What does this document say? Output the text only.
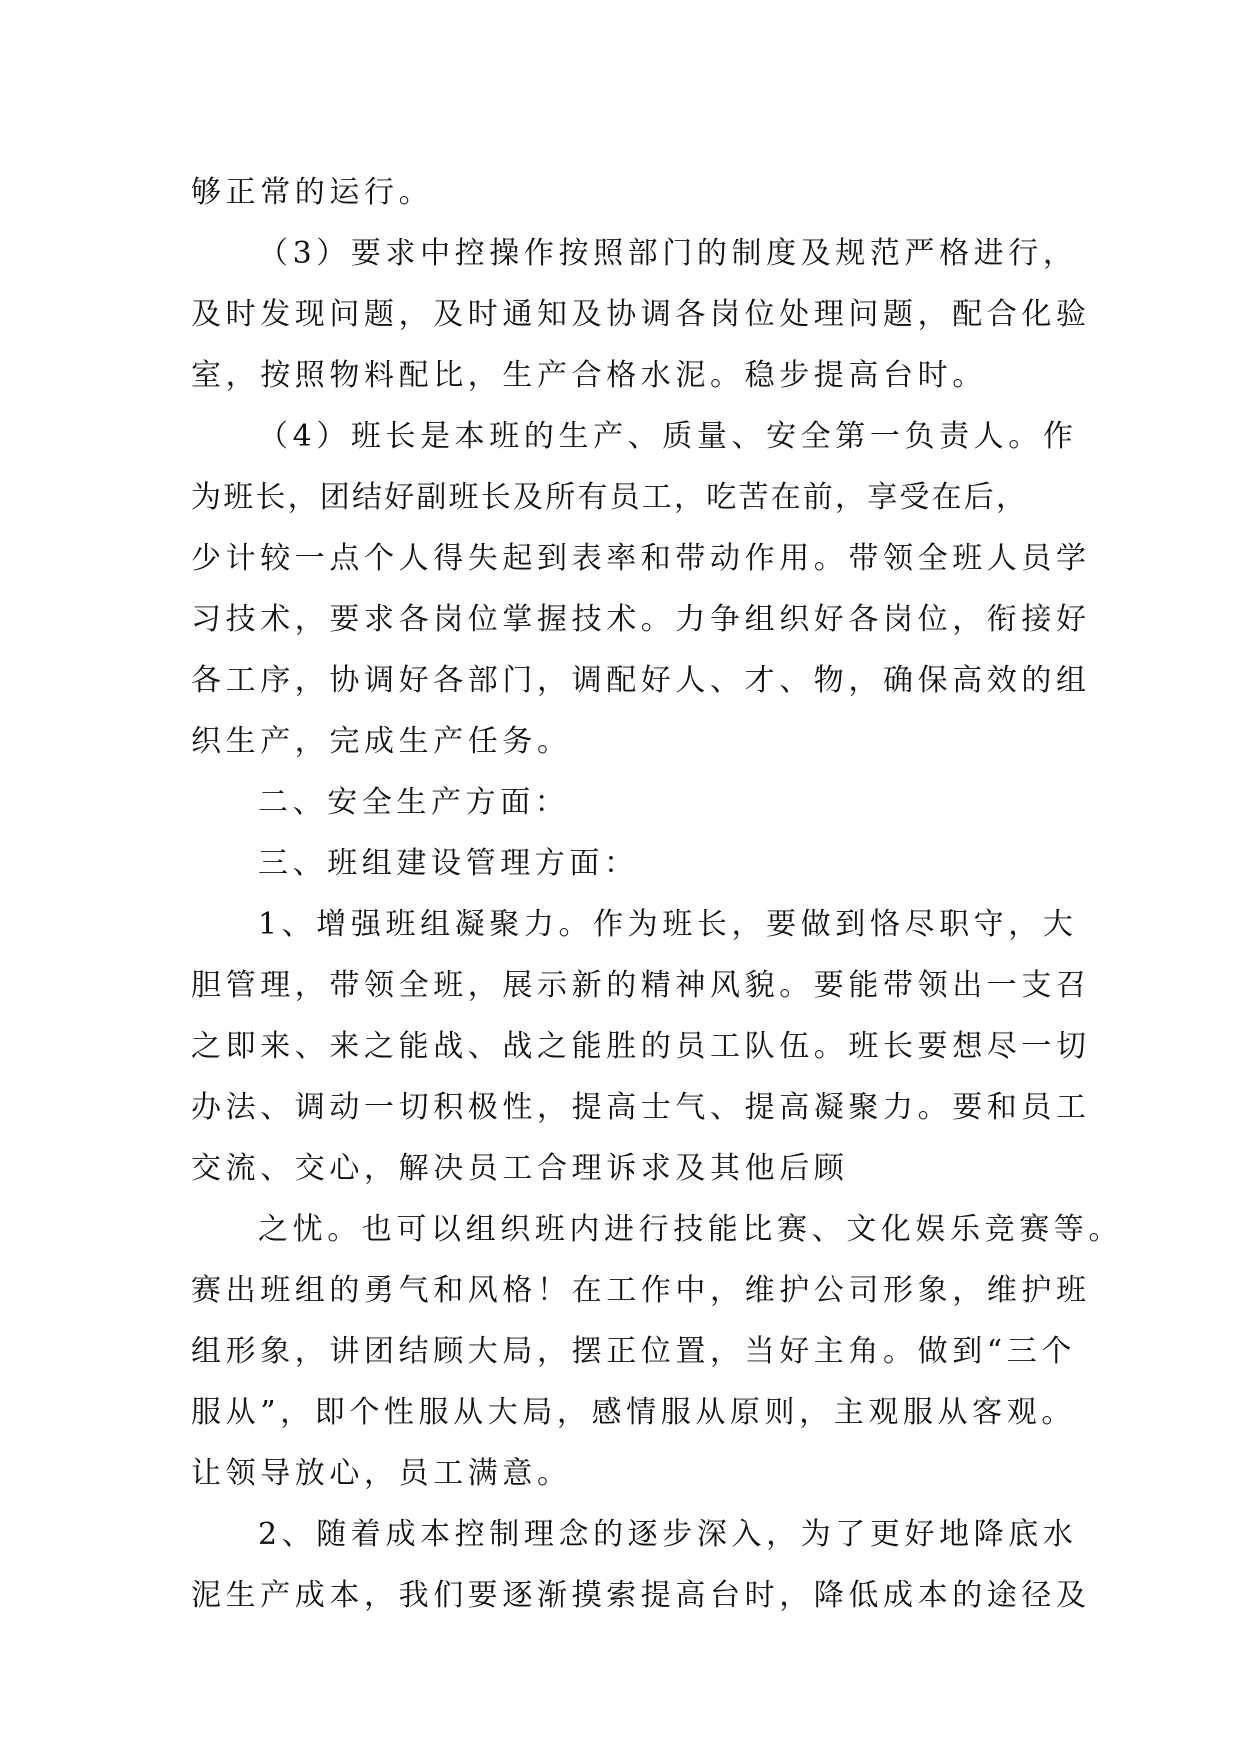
够正常的运行。
（3）要求中控操作按照部门的制度及规范严格进行，
及时发现问题，及时通知及协调各岗位处理问题，配合化验
室，按照物料配比，生产合格水泥。稳步提高台时。
（4）班长是本班的生产、质量、安全第一负责人。作
为班长，团结好副班长及所有员工，吃苦在前，享受在后，
少计较一点个人得失起到表率和带动作用。带领全班人员学
习技术，要求各岗位掌握技术。力争组织好各岗位，衔接好
各工序，协调好各部门，调配好人、才、物，确保高效的组
织生产，完成生产任务。
二、安全生产方面：
三、班组建设管理方面：
1、增强班组凝聚力。作为班长，要做到恪尽职守，大
胆管理，带领全班，展示新的精神风貌。要能带领出一支召
之即来、来之能战、战之能胜的员工队伍。班长要想尽一切
办法、调动一切积极性，提高士气、提高凝聚力。要和员工
交流、交心，解决员工合理诉求及其他后顾
之忧。也可以组织班内进行技能比赛、文化娱乐竞赛等。
赛出班组的勇气和风格！在工作中，维护公司形象，维护班
组形象，讲团结顾大局，摆正位置，当好主角。做到“三个
服从”，即个性服从大局，感情服从原则，主观服从客观。
让领导放心，员工满意。
2、随着成本控制理念的逐步深入，为了更好地降底水
泥生产成本，我们要逐渐摸索提高台时，降低成本的途径及
